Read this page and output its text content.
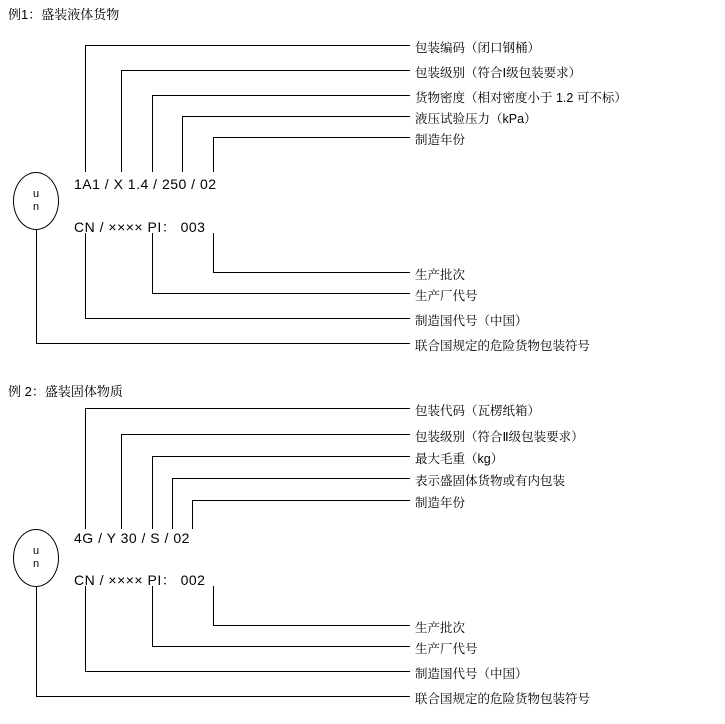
例1：盛装液体货物
包装编码（闭口钢桶）
包装级别（符合Ⅰ级包装要求）
货物密度（相对密度小于 1.2 可不标）
液压试验压力（kPa）
制造年份
u
n
1A1 / X 1.4 / 250 / 02
CN / ×××× PI： 003
生产批次
生产厂代号
制造国代号（中国）
联合国规定的危险货物包装符号
例 2：盛装固体物质
包装代码（瓦楞纸箱）
包装级别（符合Ⅱ级包装要求）
最大毛重（kg）
表示盛固体货物或有内包装
制造年份
u
n
4G / Y 30 / S / 02
CN / ×××× PI： 002
生产批次
生产厂代号
制造国代号（中国）
联合国规定的危险货物包装符号
